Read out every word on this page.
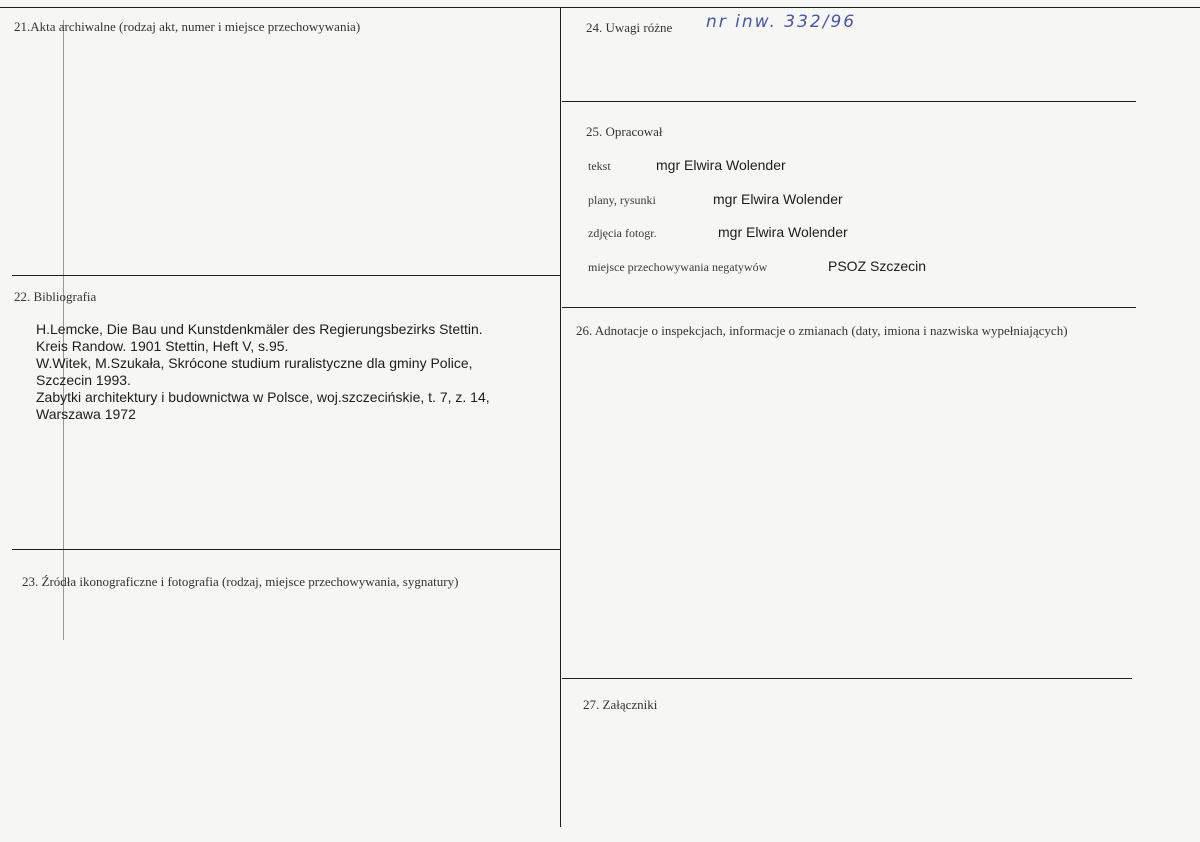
21.Akta archiwalne (rodzaj akt, numer i miejsce przechowywania)
22. Bibliografia
H.Lemcke, Die Bau und Kunstdenkmäler des Regierungsbezirks Stettin.
Kreis Randow. 1901 Stettin, Heft V, s.95.
W.Witek, M.Szukała, Skrócone studium ruralistyczne dla gminy Police,
Szczecin 1993.
Zabytki architektury i budownictwa w Polsce, woj.szczecińskie, t. 7, z. 14,
Warszawa 1972
23. Źródła ikonograficzne i fotografia (rodzaj, miejsce przechowywania, sygnatury)
24. Uwagi różne nr inw. 332/96
25. Opracował
tekst	mgr Elwira Wolender
plany, rysunki	mgr Elwira Wolender
zdjęcia fotogr.	mgr Elwira Wolender
miejsce przechowywania negatywów	PSOZ Szczecin
26. Adnotacje o inspekcjach, informacje o zmianach (daty, imiona i nazwiska wypełniających)
27. Załączniki
